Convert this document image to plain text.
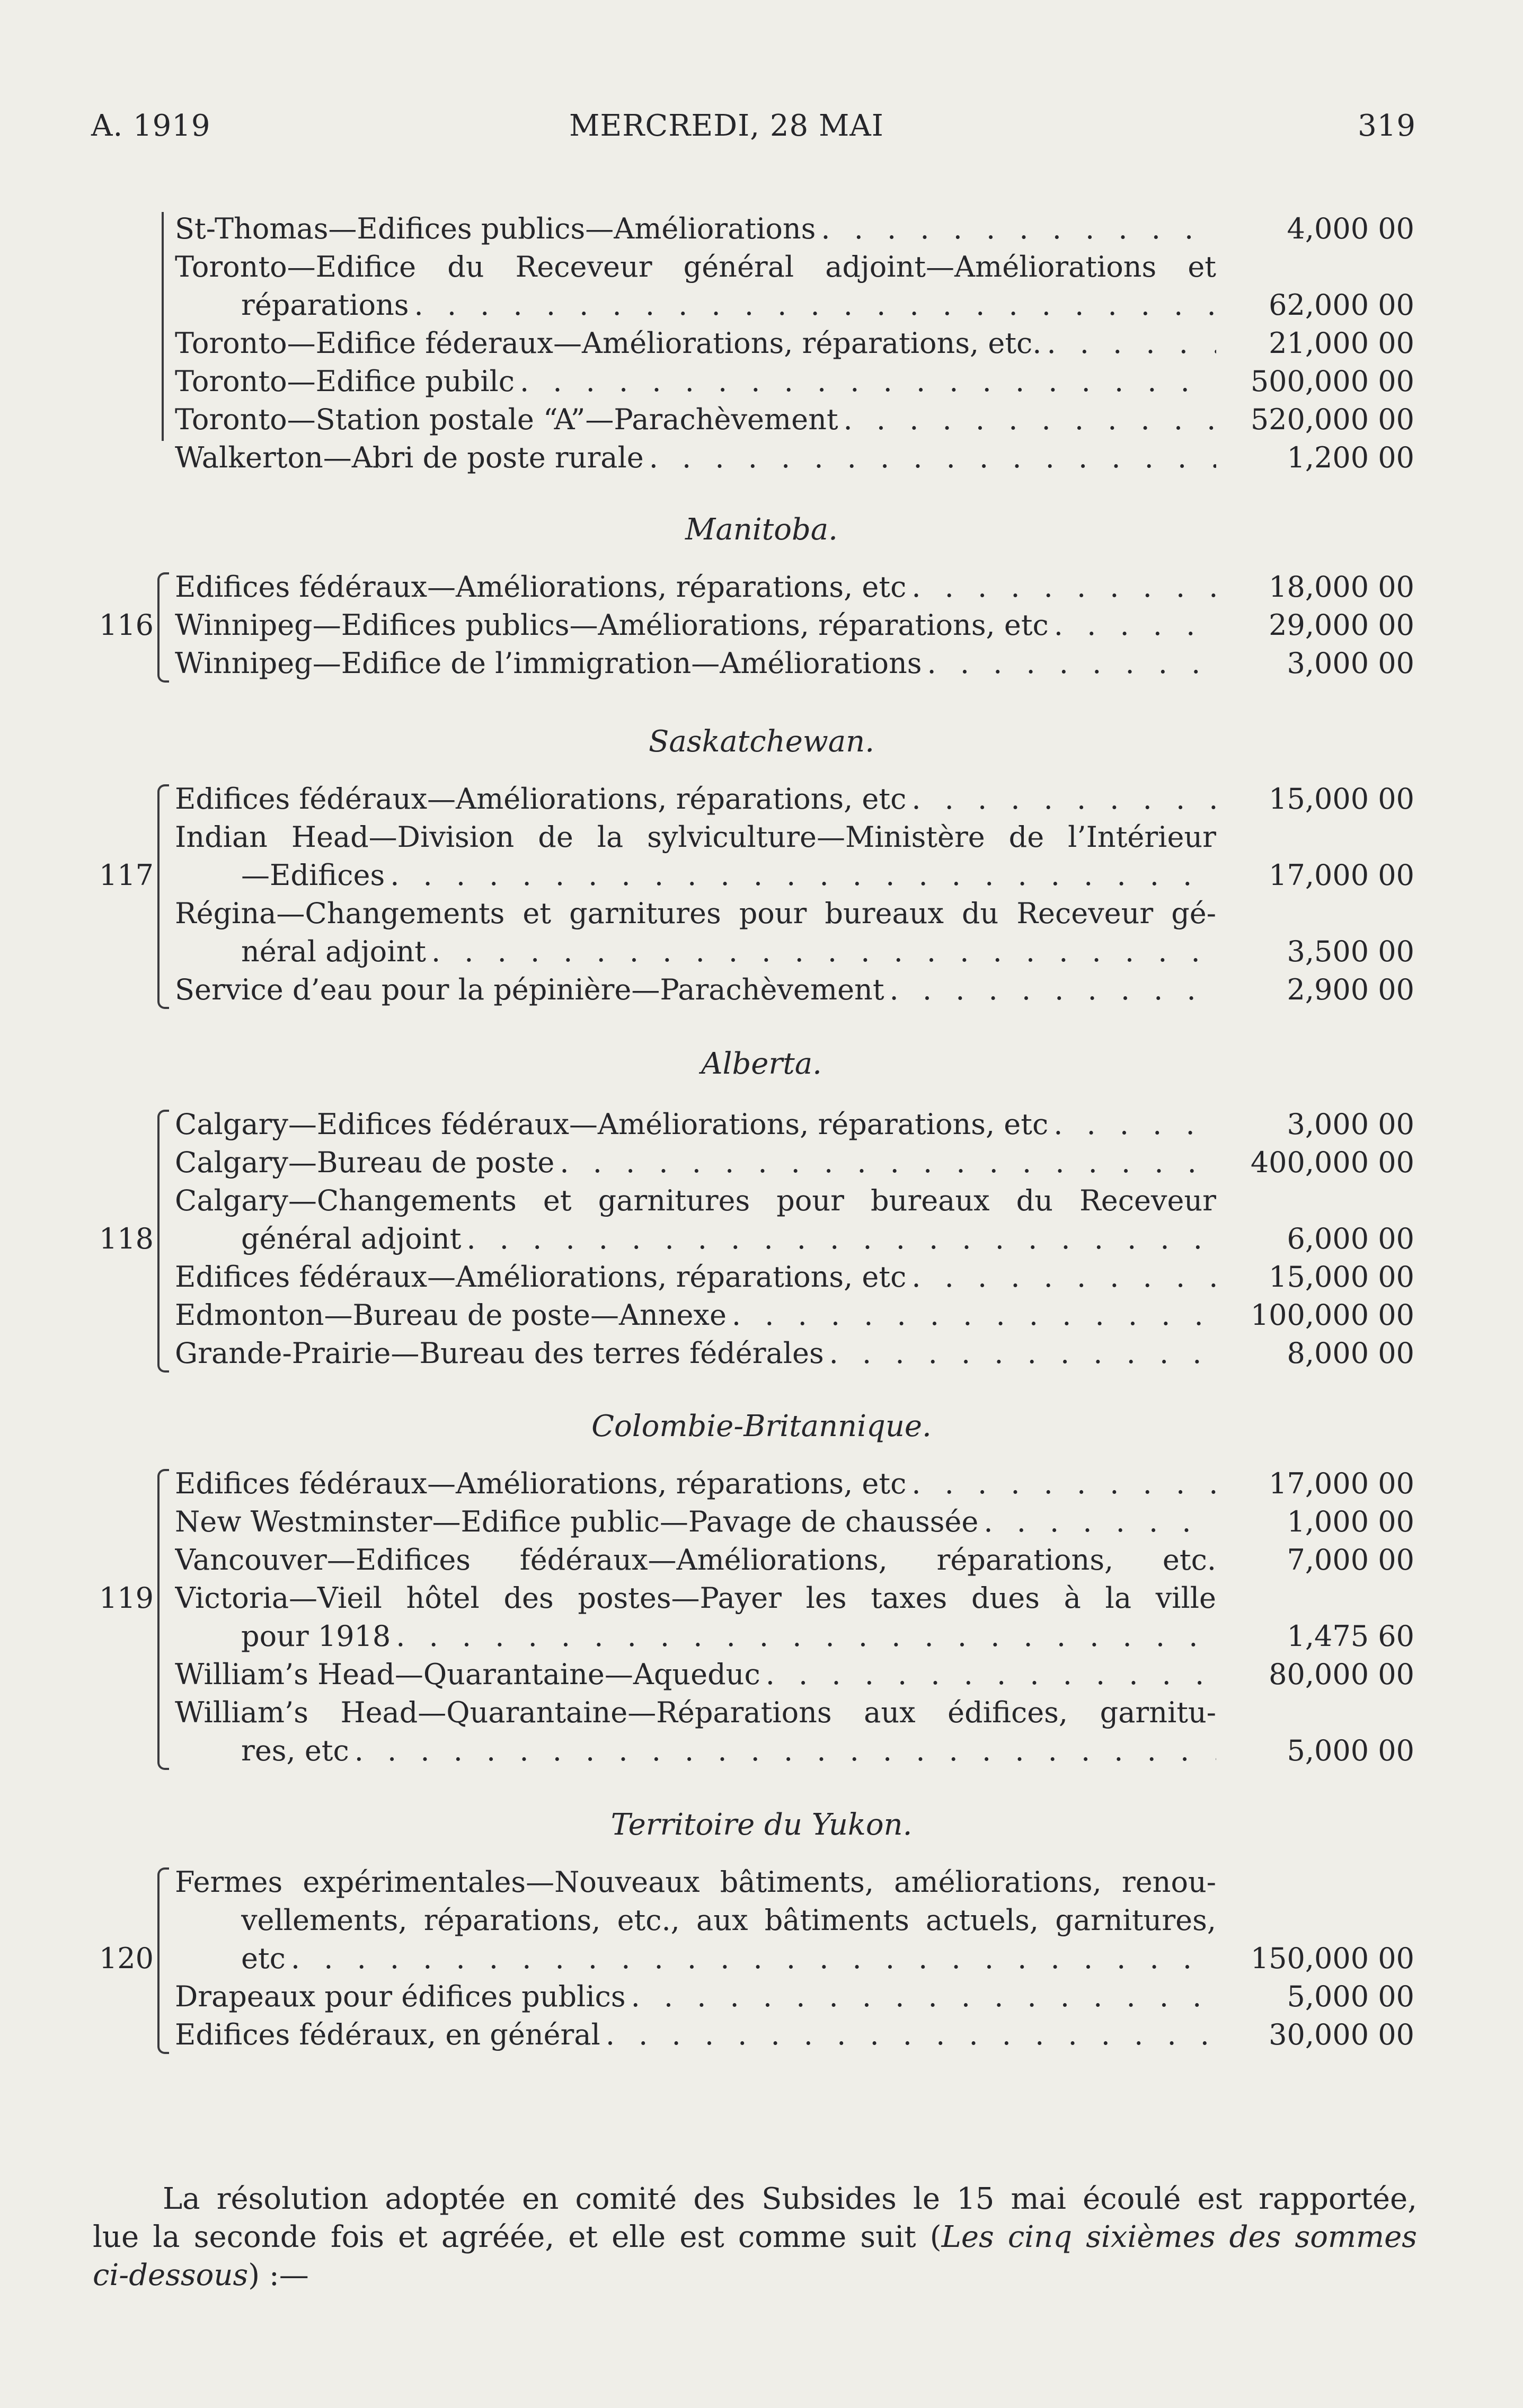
A. 1919	MERCREDI, 28 MAI	319
St-Thomas—Edifices publics—Améliorations . . .	4,000 00
Toronto—Edifice du Receveur général adjoint—Améliorations et
réparations . . .	62,000 00
Toronto—Edifice féderaux—Améliorations, réparations, etc. . . .	21,000 00
Toronto—Edifice pubilc . . .	500,000 00
Toronto—Station postale “A”—Parachèvement . . .	520,000 00
Walkerton—Abri de poste rurale . . .	1,200 00
Manitoba.
116
Edifices fédéraux—Améliorations, réparations, etc . . .	18,000 00
Winnipeg—Edifices publics—Améliorations, réparations, etc . . .	29,000 00
Winnipeg—Edifice de l’immigration—Améliorations . . .	3,000 00
Saskatchewan.
117
Edifices fédéraux—Améliorations, réparations, etc . . .	15,000 00
Indian Head—Division de la sylviculture—Ministère de l’Intérieur
—Edifices . . .	17,000 00
Régina—Changements et garnitures pour bureaux du Receveur gé-
néral adjoint . . .	3,500 00
Service d’eau pour la pépinière—Parachèvement . . .	2,900 00
Alberta.
118
Calgary—Edifices fédéraux—Améliorations, réparations, etc . . .	3,000 00
Calgary—Bureau de poste . . .	400,000 00
Calgary—Changements et garnitures pour bureaux du Receveur
général adjoint . . .	6,000 00
Edifices fédéraux—Améliorations, réparations, etc . . .	15,000 00
Edmonton—Bureau de poste—Annexe . . .	100,000 00
Grande-Prairie—Bureau des terres fédérales . . .	8,000 00
Colombie-Britannique.
119
Edifices fédéraux—Améliorations, réparations, etc . . .	17,000 00
New Westminster—Edifice public—Pavage de chaussée . . .	1,000 00
Vancouver—Edifices fédéraux—Améliorations, réparations, etc.	7,000 00
Victoria—Vieil hôtel des postes—Payer les taxes dues à la ville
pour 1918 . . .	1,475 60
William’s Head—Quarantaine—Aqueduc . . .	80,000 00
William’s Head—Quarantaine—Réparations aux édifices, garnitu-
res, etc . . .	5,000 00
Territoire du Yukon.
120
Fermes expérimentales—Nouveaux bâtiments, améliorations, renou-
vellements, réparations, etc., aux bâtiments actuels, garnitures,
etc . . .	150,000 00
Drapeaux pour édifices publics . . .	5,000 00
Edifices fédéraux, en général . . .	30,000 00

La résolution adoptée en comité des Subsides le 15 mai écoulé est rapportée,

lue la seconde fois et agréée, et elle est comme suit (Les cinq sixièmes des sommes

ci-dessous) :—
